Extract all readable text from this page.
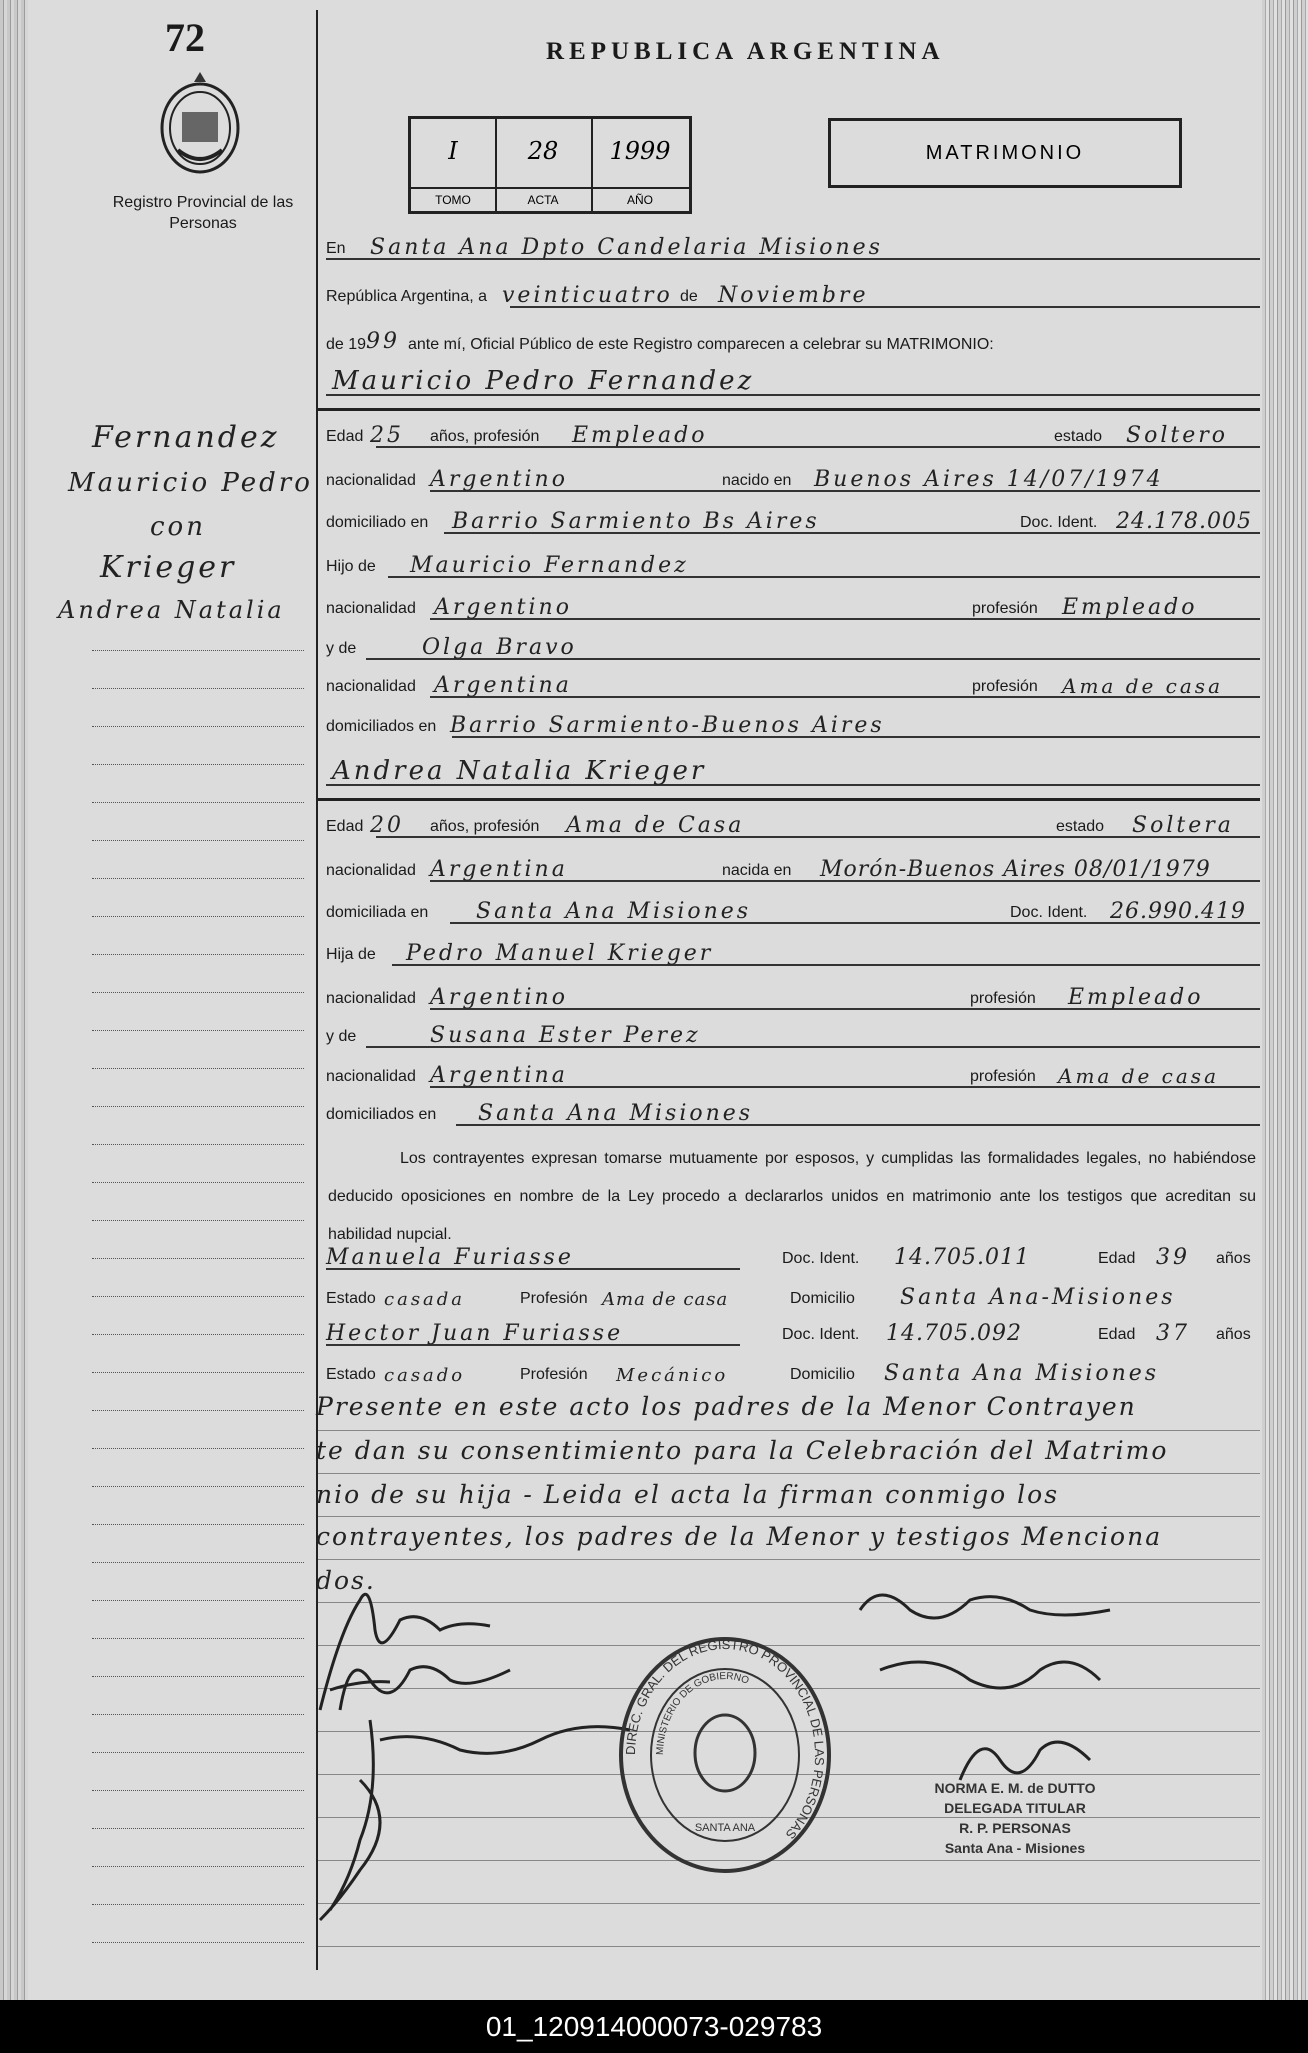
72
Registro Provincial de las Personas
Fernandez
Mauricio Pedro
con
Krieger
Andrea Natalia
REPUBLICA ARGENTINA
I
TOMO
28
ACTA
1999
AÑO
MATRIMONIO
En Santa Ana Dpto Candelaria Misiones
República Argentina, a veinticuatro de Noviembre
de 19 99 ante mí, Oficial Público de este Registro comparecen a celebrar su MATRIMONIO:
Mauricio Pedro Fernandez
Edad 25 años, profesión Empleado	estado Soltero
nacionalidad Argentino	nacido en Buenos Aires 14/07/1974
domiciliado en Barrio Sarmiento Bs Aires	Doc. Ident. 24.178.005
Hijo de Mauricio Fernandez
nacionalidad Argentino	profesión Empleado
y de	Olga Bravo
nacionalidad Argentina	profesión Ama de casa
domiciliados en Barrio Sarmiento-Buenos Aires
Andrea Natalia Krieger
Edad 20 años, profesión Ama de Casa	estado Soltera
nacionalidad Argentina	nacida en Morón-Buenos Aires 08/01/1979
domiciliada en Santa Ana Misiones	Doc. Ident. 26.990.419
Hija de Pedro Manuel Krieger
nacionalidad Argentino	profesión Empleado
y de	Susana Ester Perez
nacionalidad Argentina	profesión Ama de casa
domiciliados en Santa Ana Misiones
Los contrayentes expresan tomarse mutuamente por esposos, y cumplidas las formalidades legales, no habiéndose deducido oposiciones en nombre de la Ley procedo a declararlos unidos en matrimonio ante los testigos que acreditan su habilidad nupcial.
Manuela Furiasse	Doc. Ident. 14.705.011	Edad 39 años
Estado casada	Profesión Ama de casa	Domicilio Santa Ana-Misiones
Hector Juan Furiasse	Doc. Ident. 14.705.092	Edad 37 años
Estado casado	Profesión Mecánico	Domicilio Santa Ana Misiones
Presente en este acto los padres de la Menor Contrayen
te dan su consentimiento para la Celebración del Matrimo
nio de su hija - Leida el acta la firman conmigo los
contrayentes, los padres de la Menor y testigos Menciona
dos.
DIREC. GRAL. DEL REGISTRO PROVINCIAL DE LAS PERSONAS
MINISTERIO DE GOBIERNO
SANTA ANA
NORMA E. M. de DUTTO
DELEGADA TITULAR
R. P. PERSONAS
Santa Ana - Misiones
01_120914000073-029783
